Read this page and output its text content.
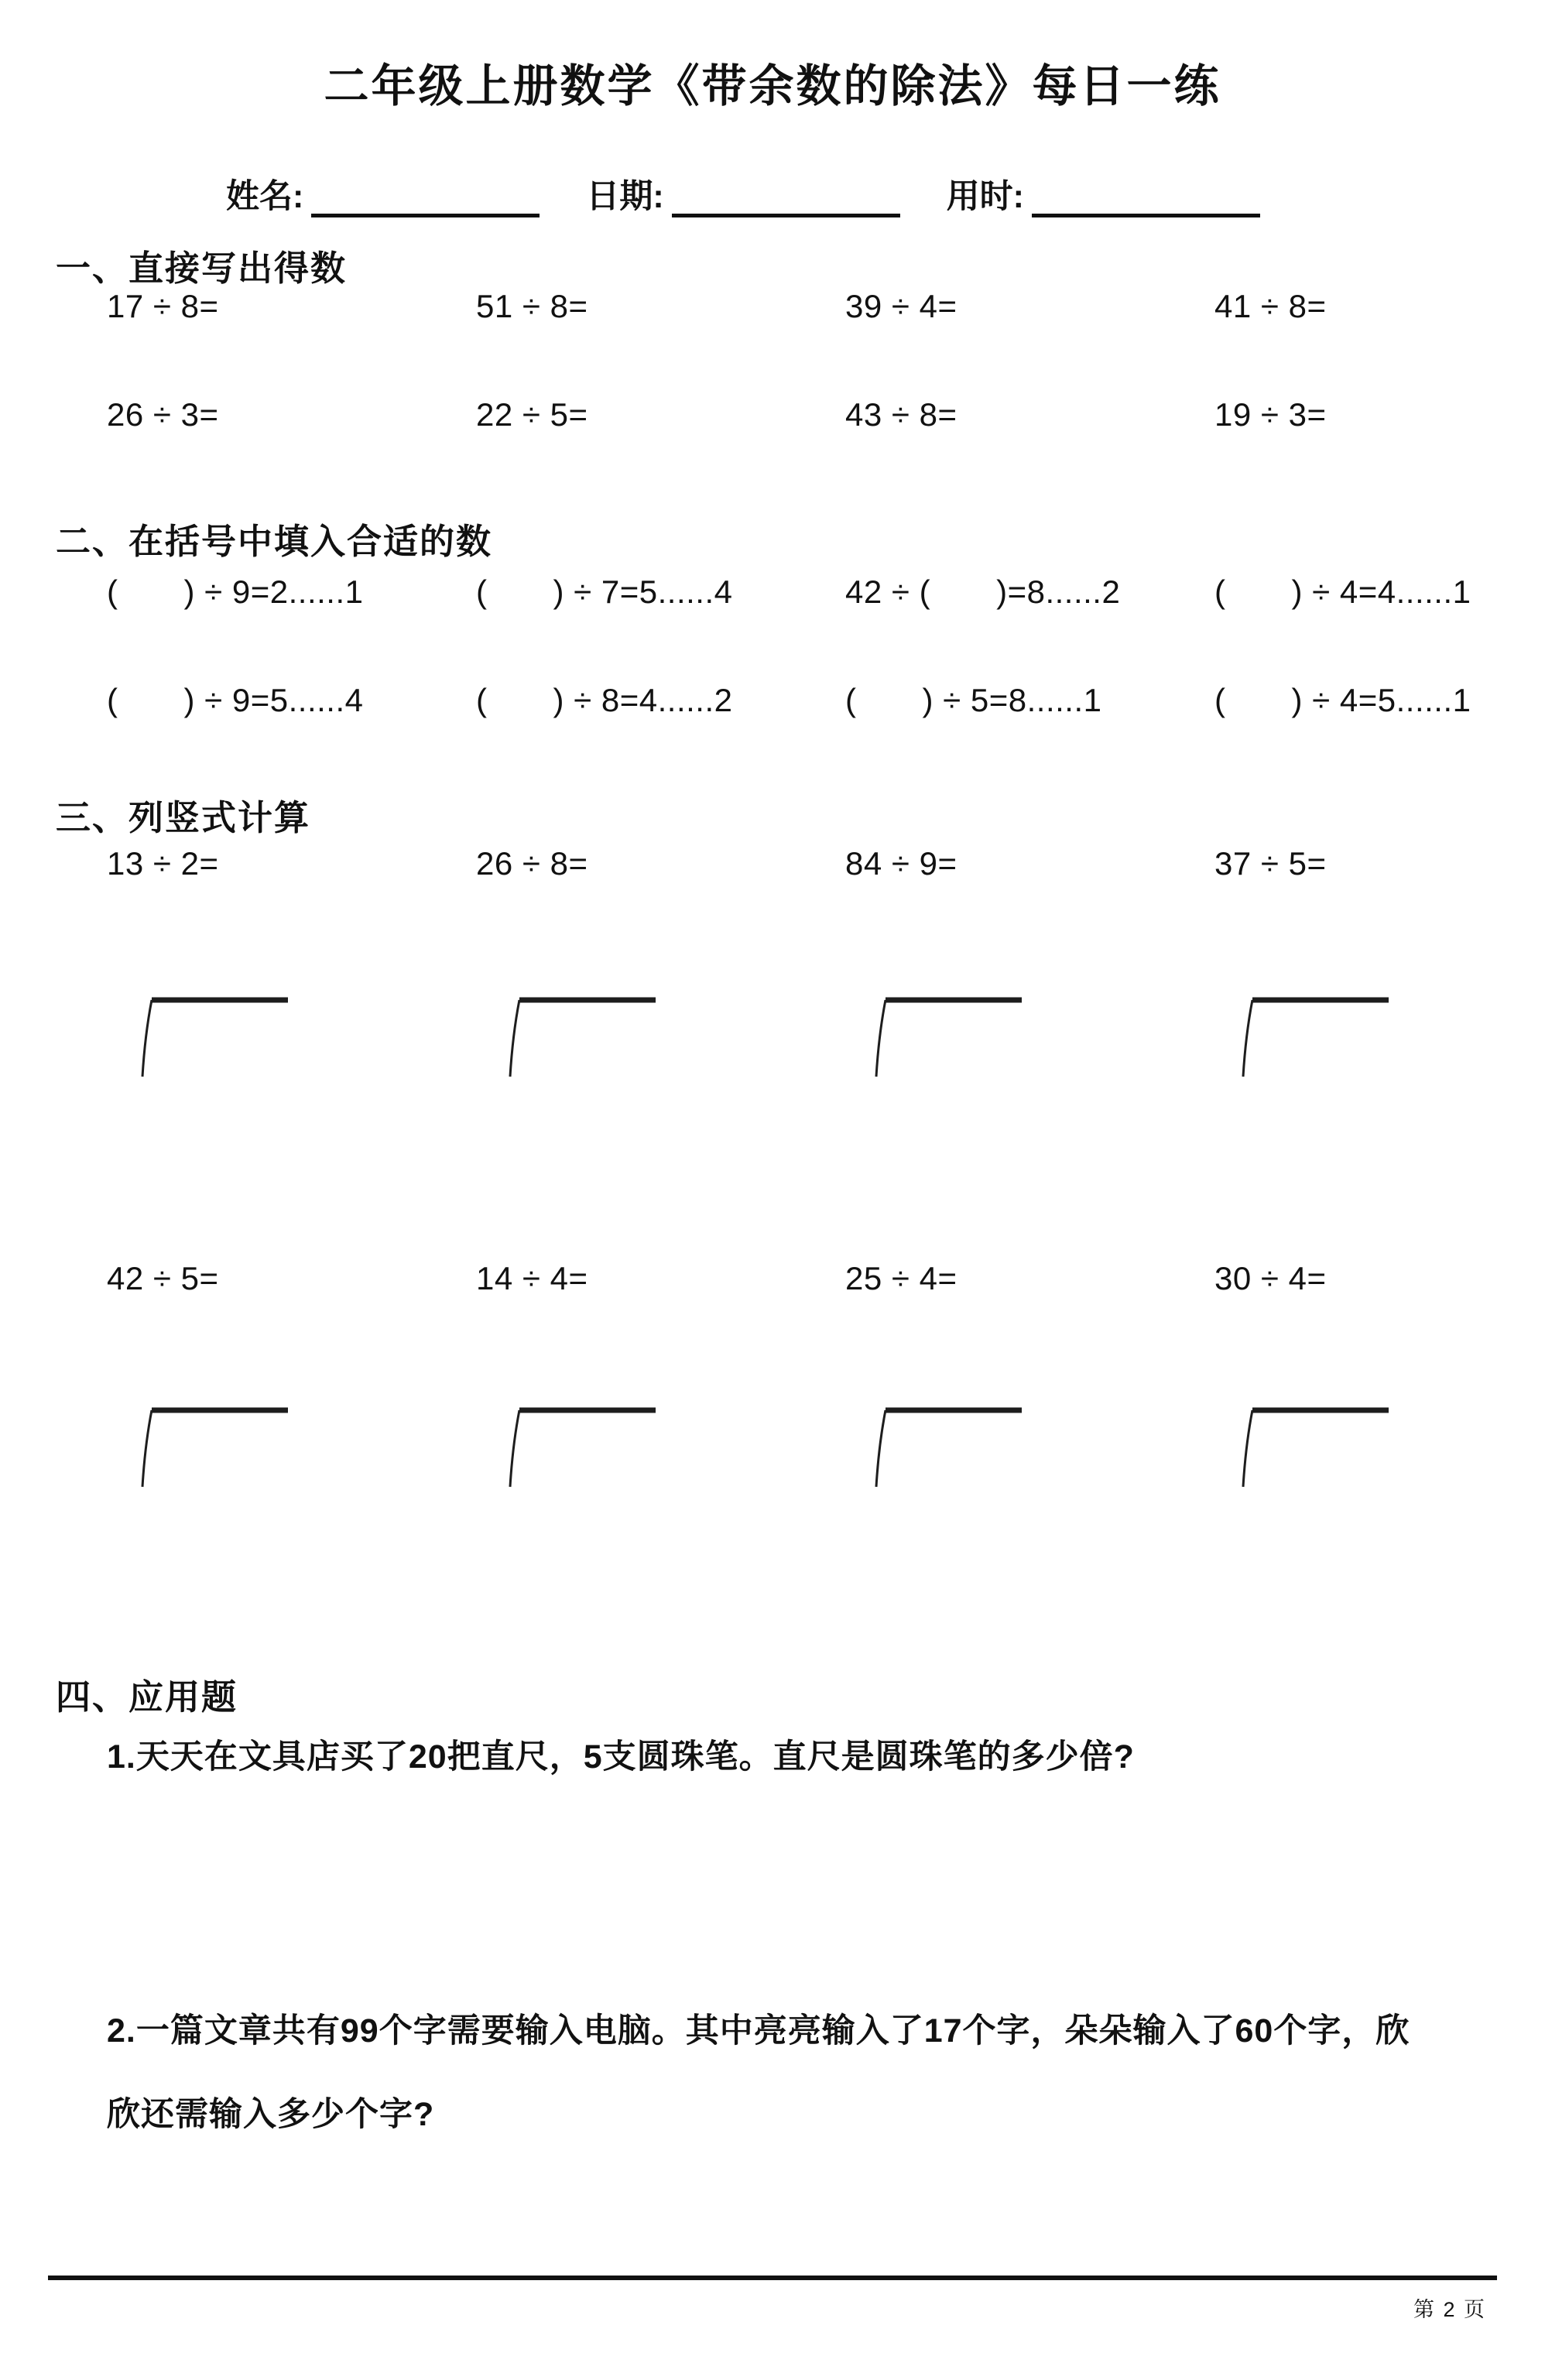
二年级上册数学《带余数的除法》每日一练
姓名:	日期:	用时:
一、直接写出得数
17 ÷ 8=	51 ÷ 8=	39 ÷ 4=	41 ÷ 8=
26 ÷ 3=	22 ÷ 5=	43 ÷ 8=	19 ÷ 3=
二、在括号中填入合适的数
(　　) ÷ 9=2......1	(　　) ÷ 7=5......4	42 ÷ (　　)=8......2	(　　) ÷ 4=4......1
(　　) ÷ 9=5......4	(　　) ÷ 8=4......2	(　　) ÷ 5=8......1	(　　) ÷ 4=5......1
三、列竖式计算
13 ÷ 2=	26 ÷ 8=	84 ÷ 9=	37 ÷ 5=
42 ÷ 5=	14 ÷ 4=	25 ÷ 4=	30 ÷ 4=
四、应用题

1.天天在文具店买了20把直尺，5支圆珠笔。直尺是圆珠笔的多少倍?

2.一篇文章共有99个字需要输入电脑。其中亮亮输入了17个字，朵朵输入了60个字，欣

欣还需输入多少个字?

第 2 页
